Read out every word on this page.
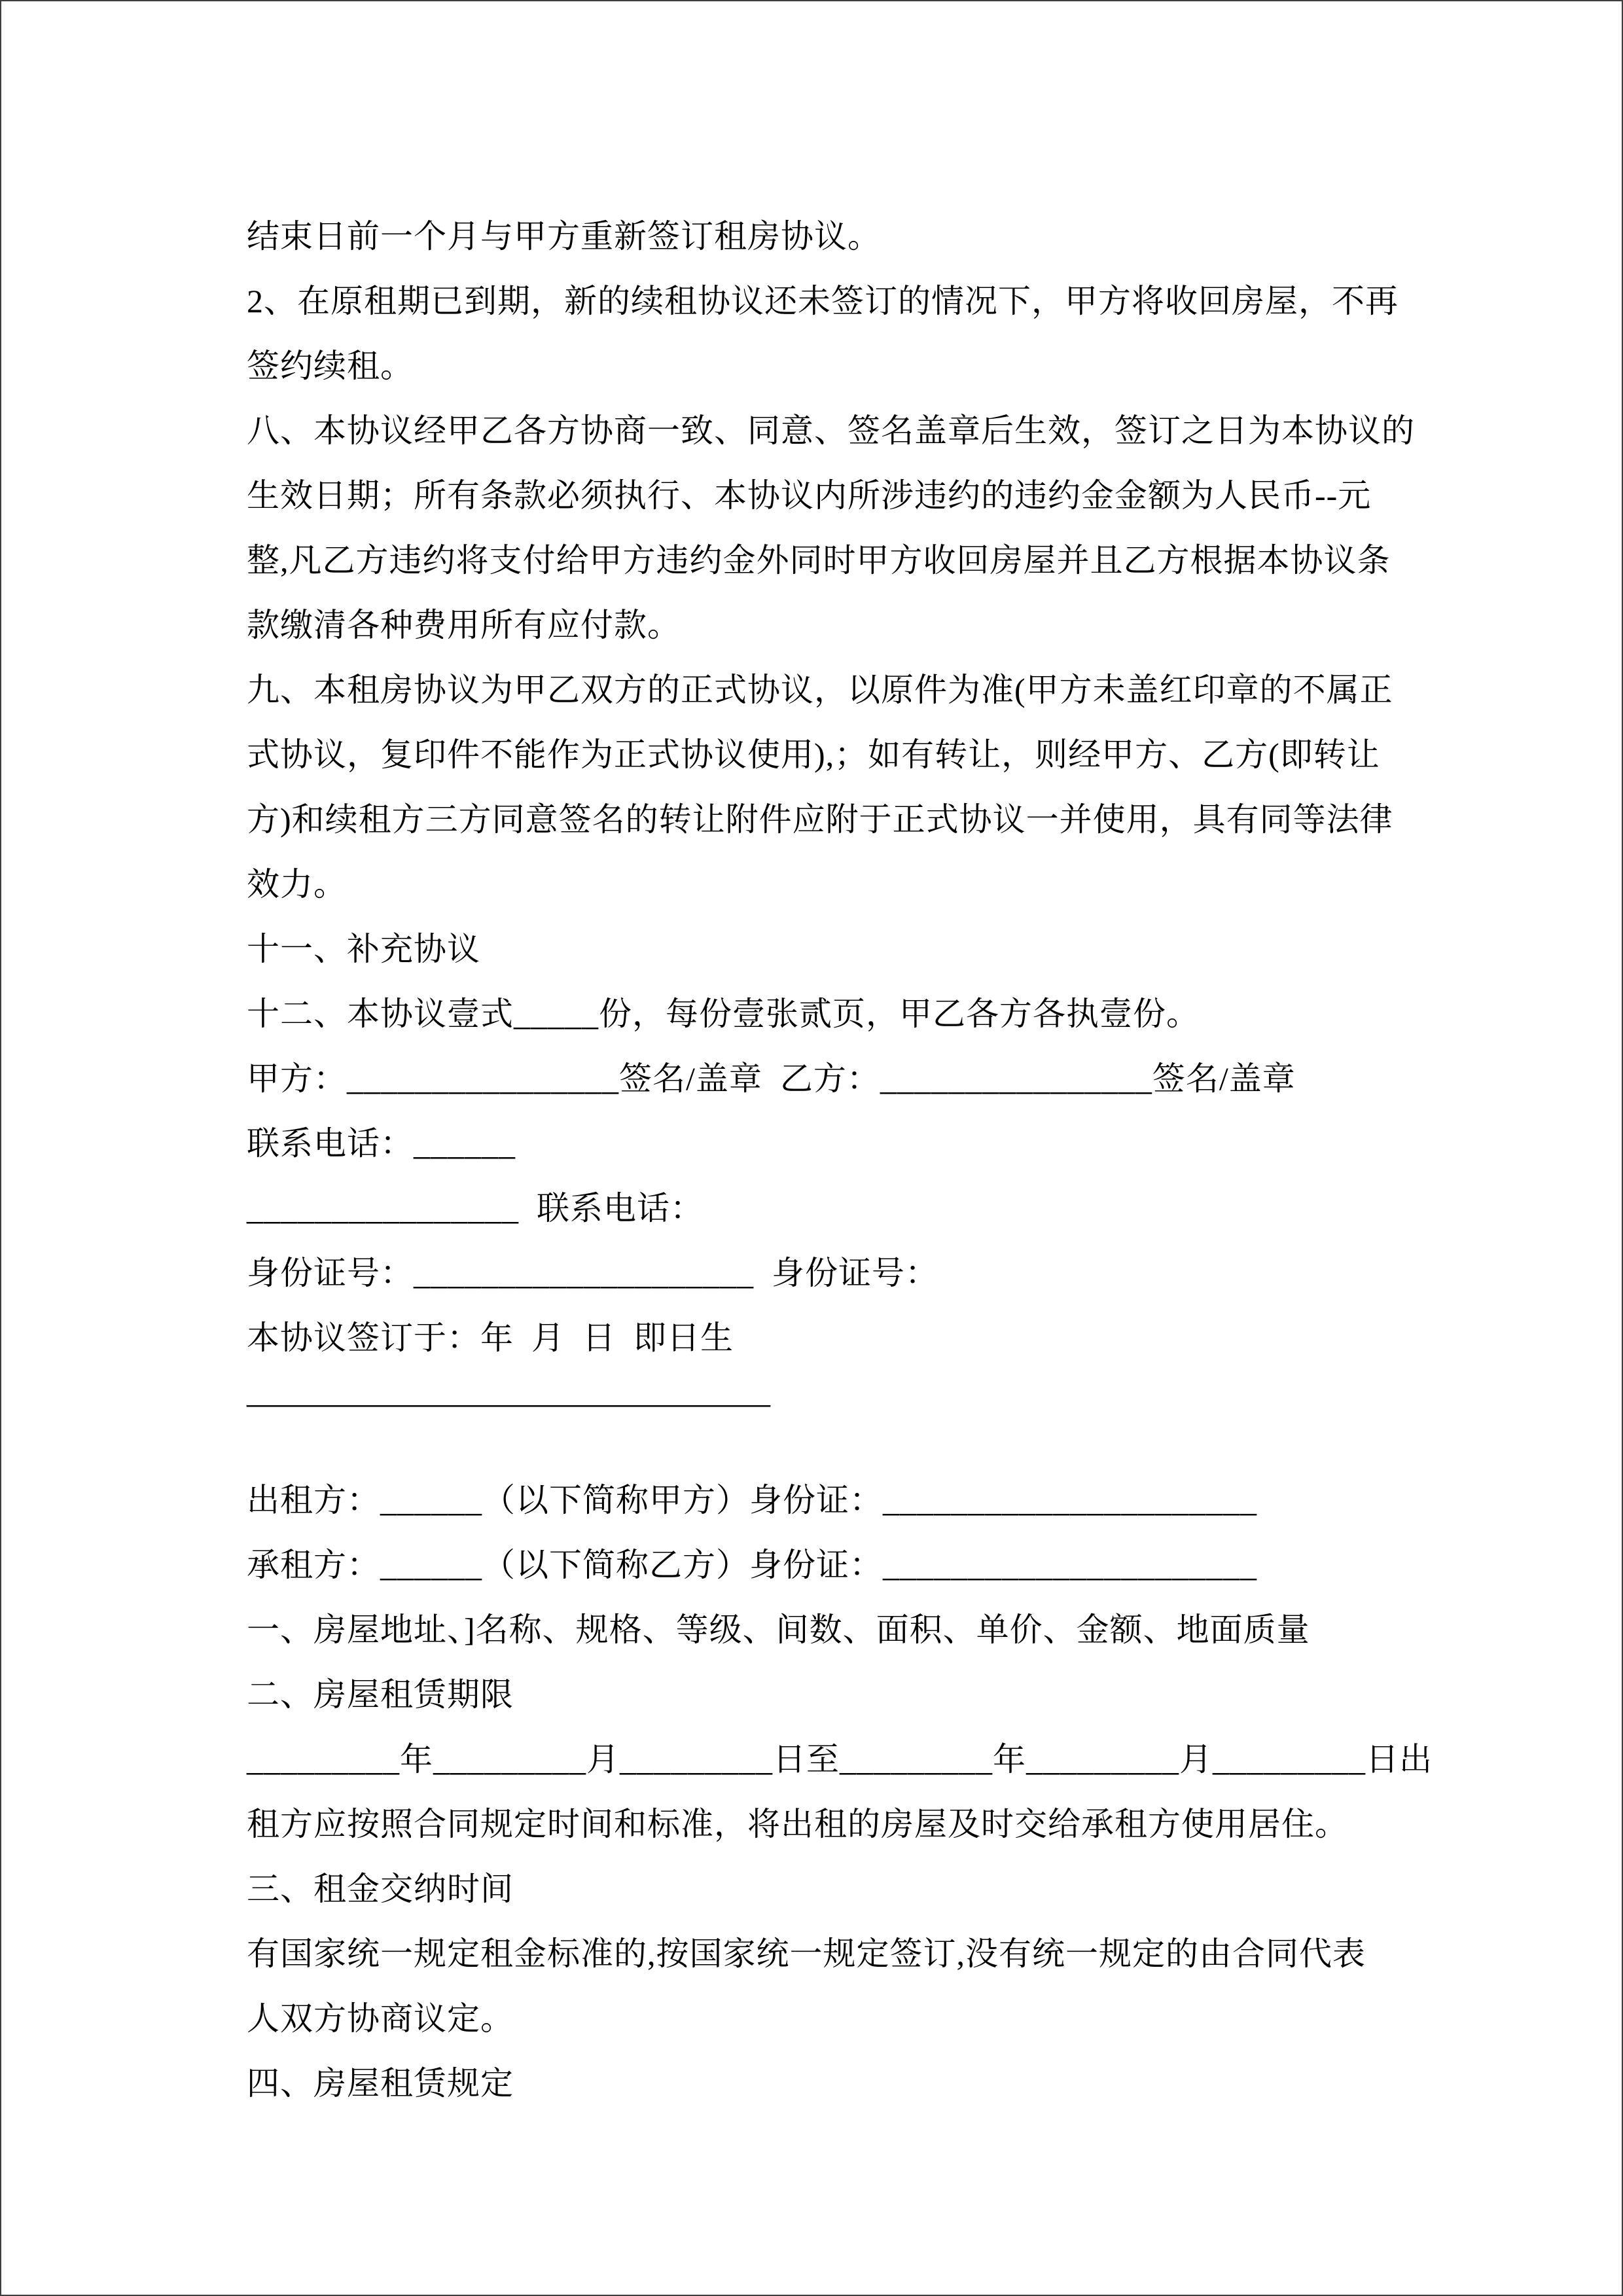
结束日前一个月与甲方重新签订租房协议。
2、在原租期已到期，新的续租协议还未签订的情况下，甲方将收回房屋，不再
签约续租。
八、本协议经甲乙各方协商一致、同意、签名盖章后生效，签订之日为本协议的
生效日期；所有条款必须执行、本协议内所涉违约的违约金金额为人民币--元
整,凡乙方违约将支付给甲方违约金外同时甲方收回房屋并且乙方根据本协议条
款缴清各种费用所有应付款。
九、本租房协议为甲乙双方的正式协议，以原件为准(甲方未盖红印章的不属正
式协议，复印件不能作为正式协议使用),；如有转让，则经甲方、乙方(即转让
方)和续租方三方同意签名的转让附件应附于正式协议一并使用，具有同等法律
效力。
十一、补充协议
十二、本协议壹式_____份，每份壹张贰页，甲乙各方各执壹份。
甲方：________________签名/盖章  乙方：________________签名/盖章
联系电话：______
________________  联系电话：
身份证号：____________________  身份证号：
本协议签订于：年  月  日  即日生
————————————————
出租方：______（以下简称甲方）身份证：______________________
承租方：______（以下简称乙方）身份证：______________________
一、房屋地址、]名称、规格、等级、间数、面积、单价、金额、地面质量
二、房屋租赁期限
_________年_________月_________日至_________年_________月_________日出
租方应按照合同规定时间和标准，将出租的房屋及时交给承租方使用居住。
三、租金交纳时间
有国家统一规定租金标准的,按国家统一规定签订,没有统一规定的由合同代表
人双方协商议定。
四、房屋租赁规定
